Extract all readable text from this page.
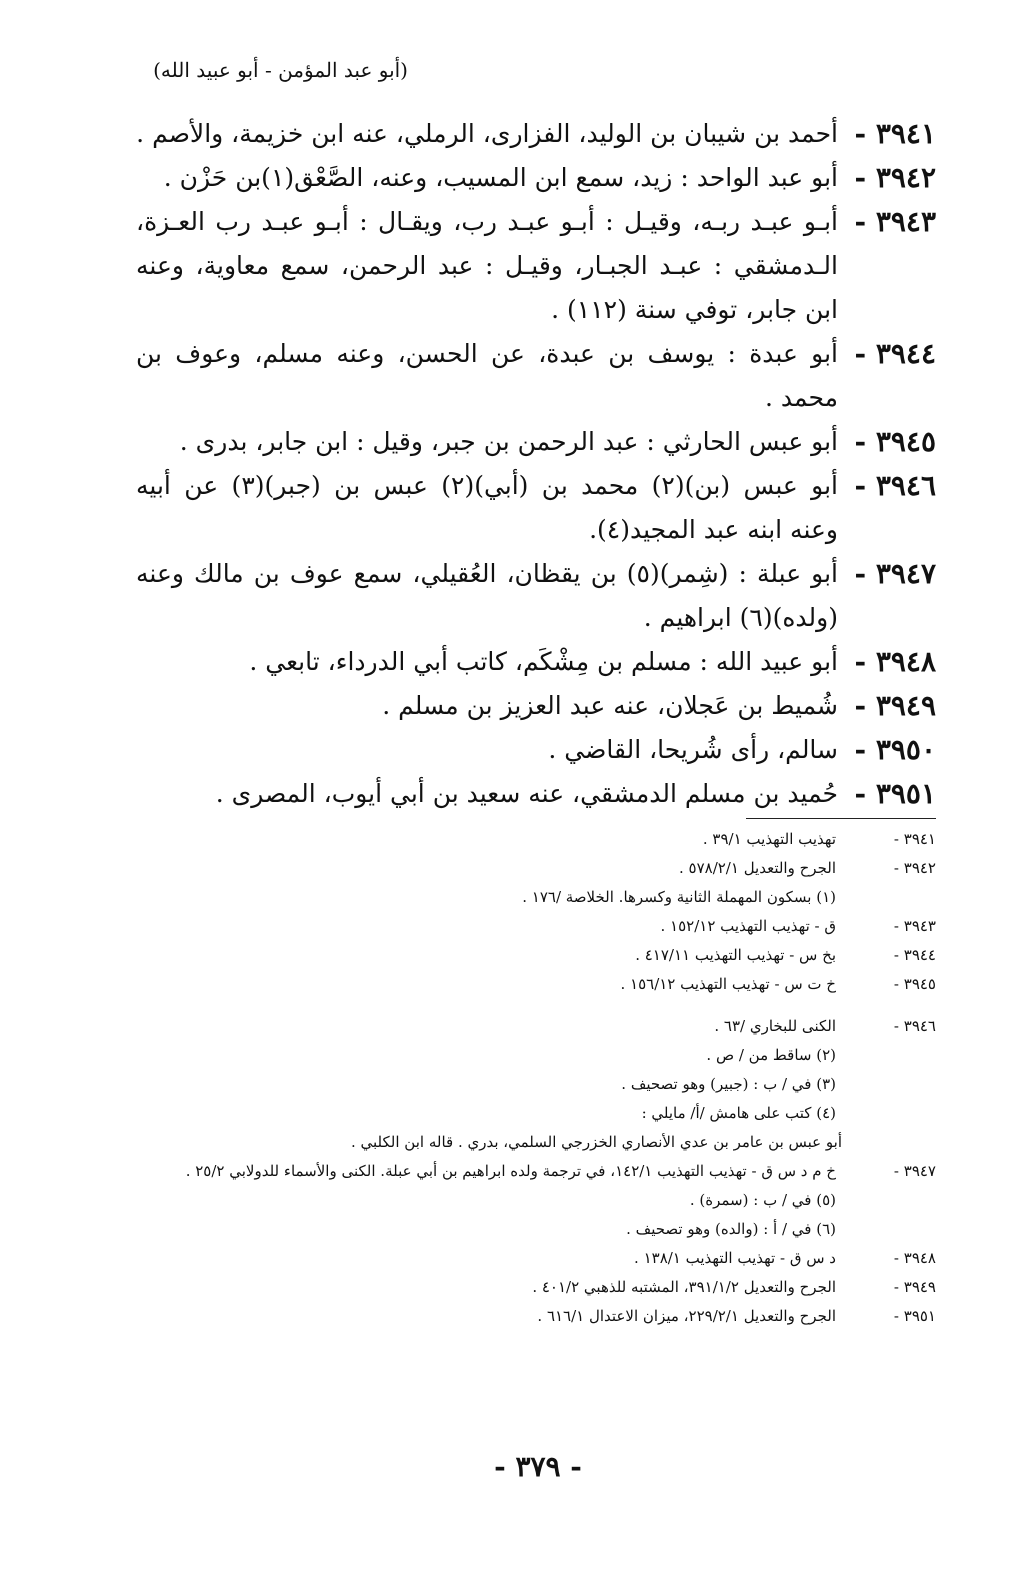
(أبو عبد المؤمن - أبو عبيد الله)
٣٩٤١ -
أحمد بن شيبان بن الوليد، الفزارى، الرملي، عنه ابن خزيمة، والأصم .
٣٩٤٢ -
أبو عبد الواحد : زيد، سمع ابن المسيب، وعنه، الصَّعْق(١)بن حَزْن .
٣٩٤٣ -
أبـو عبـد ربـه، وقيـل : أبـو عبـد رب، ويقـال : أبـو عبـد رب العـزة، الـدمشقي : عبـد الجبـار، وقيـل : عبد الرحمن، سمع معاوية، وعنه ابن جابر، توفي سنة (١١٢) .
٣٩٤٤ -
أبو عبدة : يوسف بن عبدة، عن الحسن، وعنه مسلم، وعوف بن محمد .
٣٩٤٥ -
أبو عبس الحارثي : عبد الرحمن بن جبر، وقيل : ابن جابر، بدرى .
٣٩٤٦ -
أبو عبس (بن)(٢) محمد بن (أبي)(٢) عبس بن (جبر)(٣) عن أبيه وعنه ابنه عبد المجيد(٤).
٣٩٤٧ -
أبو عبلة : (شِمر)(٥) بن يقظان، العُقيلي، سمع عوف بن مالك وعنه (ولده)(٦) ابراهيم .
٣٩٤٨ -
أبو عبيد الله : مسلم بن مِشْكَم، كاتب أبي الدرداء، تابعي .
٣٩٤٩ -
شُميط بن عَجلان، عنه عبد العزيز بن مسلم .
٣٩٥٠ -
سالم، رأى شُريحا، القاضي .
٣٩٥١ -
حُميد بن مسلم الدمشقي، عنه سعيد بن أبي أيوب، المصرى .
٣٩٤١ -
تهذيب التهذيب ٣٩/١ .
٣٩٤٢ -
الجرح والتعديل ٥٧٨/٢/١ .
(١) بسكون المهملة الثانية وكسرها. الخلاصة /١٧٦ .
٣٩٤٣ -
ق - تهذيب التهذيب ١٥٢/١٢ .
٣٩٤٤ -
بخ س - تهذيب التهذيب ٤١٧/١١ .
٣٩٤٥ -
خ ت س - تهذيب التهذيب ١٥٦/١٢ .
٣٩٤٦ -
الكنى للبخاري /٦٣ .
(٢) ساقط من / ص .
(٣) في / ب : (جبير) وهو تصحيف .
(٤) كتب على هامش /أ/ مايلي :
أبو عبس بن عامر بن عدي الأنصاري الخزرجي السلمي، بدري . قاله ابن الكلبي .
٣٩٤٧ -
خ م د س ق - تهذيب التهذيب ١٤٢/١، في ترجمة ولده ابراهيم بن أبي عبلة. الكنى والأسماء للدولابي ٢٥/٢ .
(٥) في / ب : (سمرة) .
(٦) في / أ : (والده) وهو تصحيف .
٣٩٤٨ -
د س ق - تهذيب التهذيب ١٣٨/١ .
٣٩٤٩ -
الجرح والتعديل ٣٩١/١/٢، المشتبه للذهبي ٤٠١/٢ .
٣٩٥١ -
الجرح والتعديل ٢٢٩/٢/١، ميزان الاعتدال ٦١٦/١ .
- ٣٧٩ -
